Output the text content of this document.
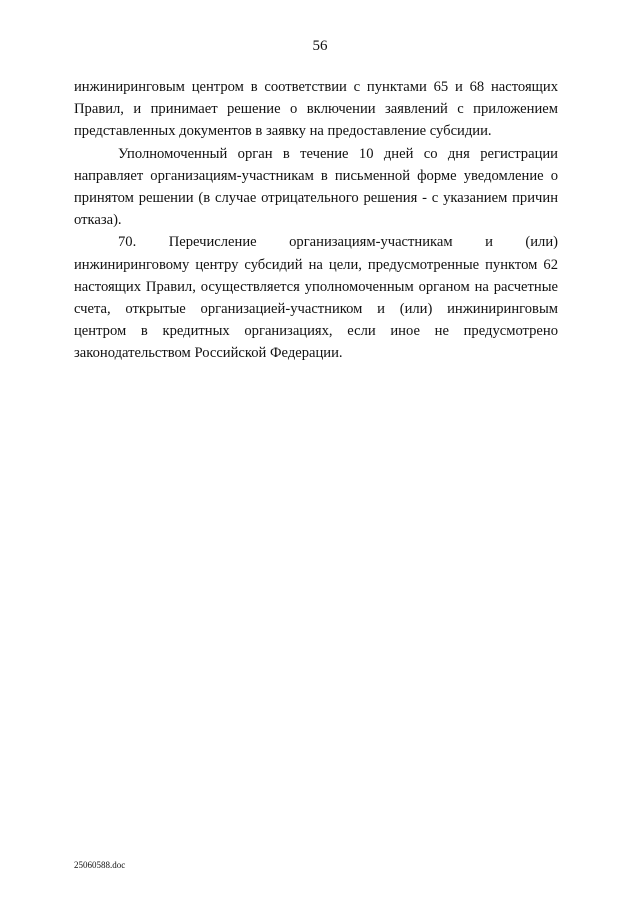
56

инжиниринговым центром в соответствии с пунктами 65 и 68 настоящих Правил, и принимает решение о включении заявлений с приложением представленных документов в заявку на предоставление субсидии.

Уполномоченный орган в течение 10 дней со дня регистрации направляет организациям-участникам в письменной форме уведомление о принятом решении (в случае отрицательного решения - с указанием причин отказа).

70. Перечисление организациям-участникам и (или) инжиниринговому центру субсидий на цели, предусмотренные пунктом 62 настоящих Правил, осуществляется уполномоченным органом на расчетные счета, открытые организацией-участником и (или) инжиниринговым центром в кредитных организациях, если иное не предусмотрено законодательством Российской Федерации.

25060588.doc
